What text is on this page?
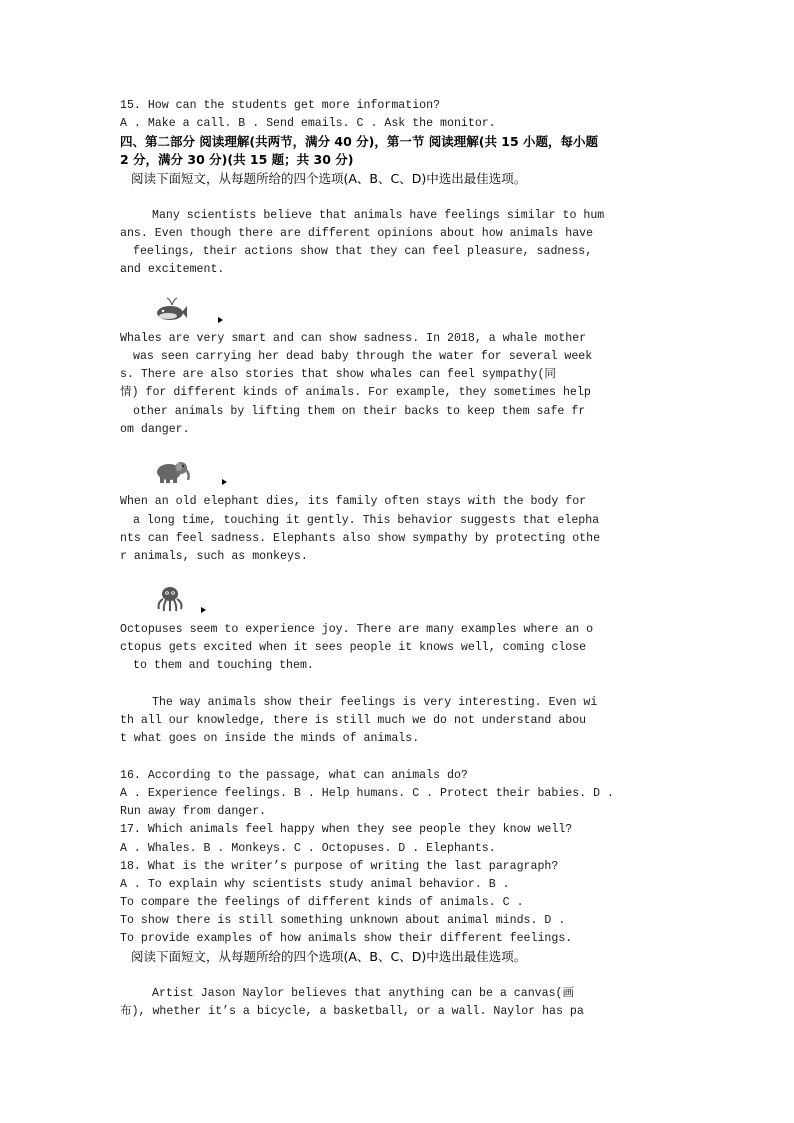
15. How can the students get more information?
A . Make a call. B . Send emails. C . Ask the monitor.
四、第二部分 阅读理解(共两节，满分 40 分)，第一节 阅读理解(共 15 小题，每小题
2 分，满分 30 分)(共 15 题；共 30 分)
阅读下面短文，从每题所给的四个选项(A、B、C、D)中选出最佳选项。
Many scientists believe that animals have feelings similar to hum
ans. Even though there are different opinions about how animals have
feelings, their actions show that they can feel pleasure, sadness,
and excitement.
Whales are very smart and can show sadness. In 2018, a whale mother
was seen carrying her dead baby through the water for several week
s. There are also stories that show whales can feel sympathy(同
情) for different kinds of animals. For example, they sometimes help
other animals by lifting them on their backs to keep them safe fr
om danger.
When an old elephant dies, its family often stays with the body for
a long time, touching it gently. This behavior suggests that elepha
nts can feel sadness. Elephants also show sympathy by protecting othe
r animals, such as monkeys.
Octopuses seem to experience joy. There are many examples where an o
ctopus gets excited when it sees people it knows well, coming close
to them and touching them.
The way animals show their feelings is very interesting. Even wi
th all our knowledge, there is still much we do not understand abou
t what goes on inside the minds of animals.
16. According to the passage, what can animals do?
A . Experience feelings. B . Help humans. C . Protect their babies. D .
Run away from danger.
17. Which animals feel happy when they see people they know well?
A . Whales. B . Monkeys. C . Octopuses. D . Elephants.
18. What is the writer’s purpose of writing the last paragraph?
A . To explain why scientists study animal behavior. B .
To compare the feelings of different kinds of animals. C .
To show there is still something unknown about animal minds. D .
To provide examples of how animals show their different feelings.
阅读下面短文，从每题所给的四个选项(A、B、C、D)中选出最佳选项。
Artist Jason Naylor believes that anything can be a canvas(画
布), whether it’s a bicycle, a basketball, or a wall. Naylor has pa
